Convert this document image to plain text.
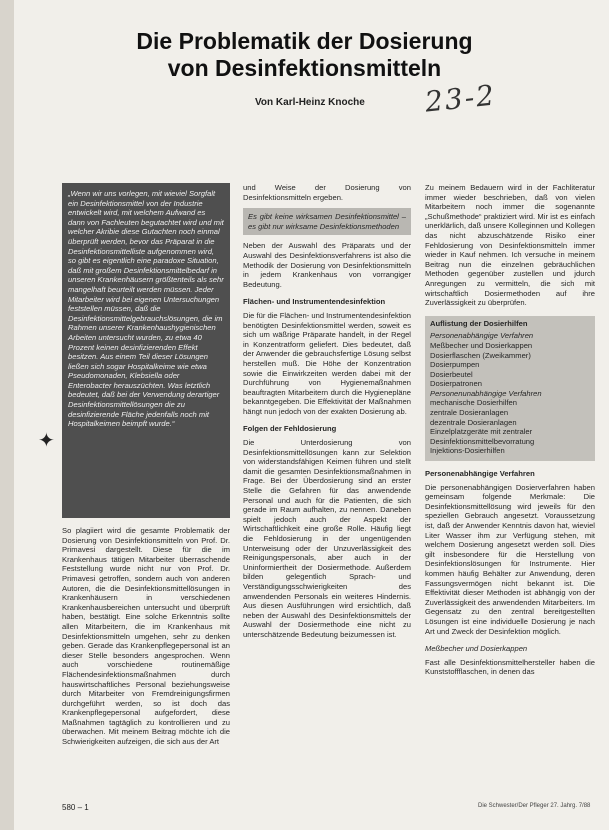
Die Problematik der Dosierung
von Desinfektionsmitteln
Von Karl-Heinz Knoche 23-2

„Wenn wir uns vorlegen, mit wieviel Sorgfalt ein Desinfektionsmittel von der Industrie entwickelt wird, mit welchem Aufwand es dann von Fachleuten begutachtet wird und mit welcher Akribie diese Gutachten noch einmal überprüft werden, bevor das Präparat in die Desinfektionsmittelliste aufgenommen wird, so gibt es eigentlich eine paradoxe Situation, daß mit großem Desinfektionsmittelbedarf in unseren Krankenhäusern größtenteils als sehr mangelhaft beurteilt werden müssen. Jeder Mitarbeiter wird bei eigenen Untersuchungen feststellen müssen, daß die Desinfektionsmittelgebrauchslösungen, die im Rahmen unserer Krankenhaushygienischen Arbeiten untersucht wurden, zu etwa 40 Prozent keinen desinfizierenden Effekt besitzen. Aus einem Teil dieser Lösungen ließen sich sogar Hospitalkeime wie etwa Pseudomonaden, Klebsiella oder Enterobacter herauszüchten. Was letztlich bedeutet, daß bei der Verwendung derartiger Desinfektionsmittellösungen die zu desinfizierende Fläche jedenfalls noch mit Hospitalkeimen beimpft wurde.“

✦

So plagiiert wird die gesamte Problematik der Dosierung von Desinfektionsmitteln von Prof. Dr. Primavesi dargestellt. Diese für die im Krankenhaus tätigen Mitarbeiter überraschende Feststellung wurde nicht nur von Prof. Dr. Primavesi getroffen, sondern auch von anderen Autoren, die die Desinfektionsmittellösungen in Krankenhäusern in verschiedenen Krankenhausbereichen untersucht und überprüft haben, bestätigt. Eine solche Erkenntnis sollte allen Mitarbeitern, die im Krankenhaus mit Desinfektionsmitteln umgehen, sehr zu denken geben. Gerade das Krankenpflegepersonal ist an dieser Stelle besonders angesprochen. Wenn auch vorschiedene routinemäßige Flächendesinfektionsmaßnahmen durch hauswirtschaftliches Personal beziehungsweise durch Mitarbeiter von Fremdreinigungsfirmen durchgeführt werden, so ist doch das Krankenpflegepersonal aufgefordert, diese Maßnahmen tagtäglich zu kontrollieren und zu überwachen. Mit meinem Beitrag möchte ich die Schwierigkeiten aufzeigen, die sich aus der Art

und Weise der Dosierung von Desinfektionsmitteln ergeben.

Es gibt keine wirksamen Desinfektionsmittel – es gibt nur wirksame Desinfektionsmethoden

Neben der Auswahl des Präparats und der Auswahl des Desinfektionsverfahrens ist also die Methodik der Dosierung von Desinfektionsmitteln in jedem Krankenhaus von vorrangiger Bedeutung.

Flächen- und Instrumentendesinfektion

Die für die Flächen- und Instrumentendesinfektion benötigten Desinfektionsmittel werden, soweit es sich um wäßrige Präparate handelt, in der Regel in Konzentratform geliefert. Dies bedeutet, daß der Anwender die gebrauchsfertige Lösung selbst herstellen muß. Die Höhe der Konzentration sowie die Einwirkzeiten werden dabei mit der Durchführung von Hygienemaßnahmen beauftragten Mitarbeitern durch die Hygienepläne bekanntgegeben. Die Effektivität der Maßnahmen hängt nun jedoch von der exakten Dosierung ab.

Folgen der Fehldosierung

Die Unterdosierung von Desinfektionsmittellösungen kann zur Selektion von widerstandsfähigen Keimen führen und stellt damit die gesamten Desinfektionsmaßnahmen in Frage. Bei der Überdosierung sind an erster Stelle die Gefahren für das anwendende Personal und auch für die Patienten, die sich gerade im Raum aufhalten, zu nennen. Daneben spielt jedoch auch der Aspekt der Wirtschaftlichkeit eine große Rolle. Häufig liegt die Fehldosierung in der ungenügenden Unterweisung oder der Unzuverlässigkeit des Reinigungspersonals, aber auch in der Uninformiertheit der Dosiermethode. Außerdem bilden gelegentlich Sprach- und Verständigungsschwierigkeiten des anwendenden Personals ein weiteres Hindernis. Aus diesen Ausführungen wird ersichtlich, daß neben der Auswahl des Desinfektionsmittels der Auswahl der Dosiermethode eine nicht zu unterschätzende Bedeutung beizumessen ist.

Zu meinem Bedauern wird in der Fachliteratur immer wieder beschrieben, daß von vielen Mitarbeitern noch immer die sogenannte „Schußmethode“ praktiziert wird. Mir ist es einfach unerklärlich, daß unsere Kolleginnen und Kollegen das nicht abzuschätzende Risiko einer Fehldosierung von Desinfektionsmitteln immer wieder in Kauf nehmen. Ich versuche in meinem Beitrag nun die einzelnen gebräuchlichen Methoden gegenüber zustellen und jdurch Anregungen zu vermitteln, die sich mit wirtschaftlich Dosiermethoden auf ihre Zuverlässigkeit zu überprüfen.

Auflistung der Dosierhilfen
Personenabhängige Verfahren
Meßbecher und Dosierkappen
Dosierflaschen (Zweikammer)
Dosierpumpen
Dosierbeutel
Dosierpatronen
Personenunabhängige Verfahren
mechanische Dosierhilfen
zentrale Dosieranlagen
dezentrale Dosieranlagen
Einzelplatzgeräte mit zentraler Desinfektionsmittelbevorratung
Injektions-Dosierhilfen
Personenabhängige Verfahren

Die personenabhängigen Dosierverfahren haben gemeinsam folgende Merkmale: Die Desinfektionsmittellösung wird jeweils für den speziellen Gebrauch angesetzt. Voraussetzung ist, daß der Anwender Kenntnis davon hat, wieviel Liter Wasser ihm zur Verfügung stehen, mit welchem Dosierung angesetzt werden soll. Dies gilt insbesondere für die Herstellung von Desinfektionslösungen für Instrumente. Hier kommen häufig Behälter zur Anwendung, deren Fassungsvermögen nicht bekannt ist. Die Effektivität dieser Methoden ist abhängig von der Zuverlässigkeit des anwendenden Mitarbeiters. Im Gegensatz zu den zentral bereitgestellten Lösungen ist eine individuelle Dosierung je nach Art und Zweck der Desinfektion möglich.

Meßbecher und Dosierkappen

Fast alle Desinfektionsmittelhersteller haben die Kunststoffflaschen, in denen das

580 – 1	Die Schwester/Der Pfleger 27. Jahrg. 7/88
